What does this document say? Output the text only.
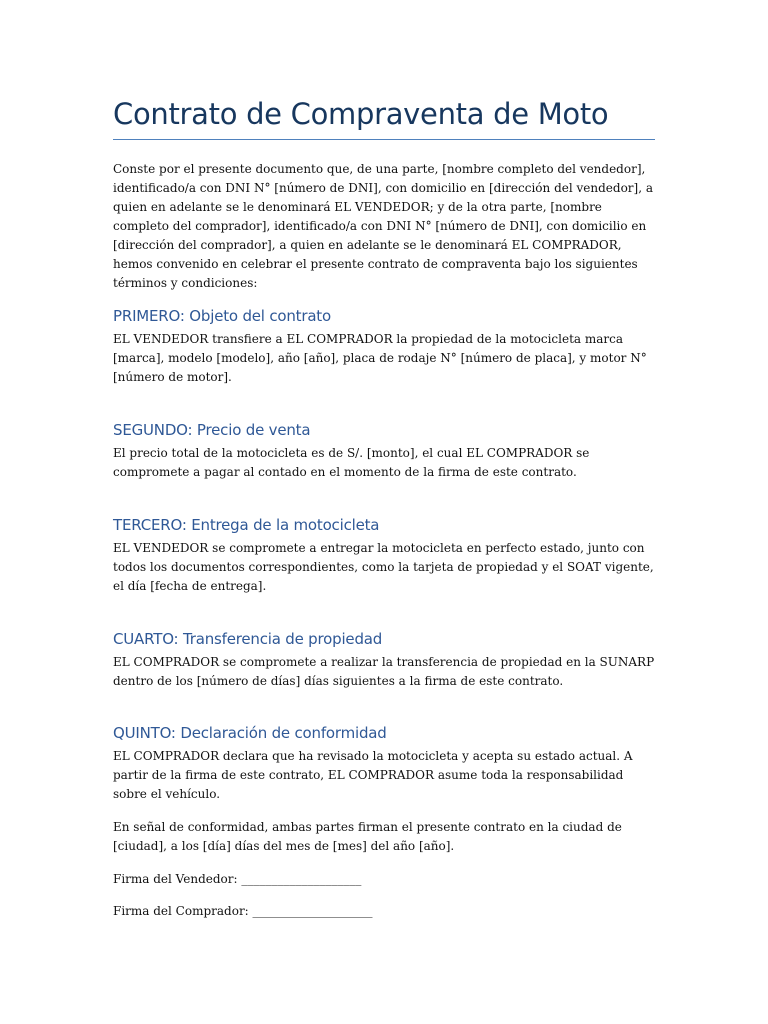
Contrato de Compraventa de Moto

Conste por el presente documento que, de una parte, [nombre completo del vendedor], identificado/a con DNI N° [número de DNI], con domicilio en [dirección del vendedor], a quien en adelante se le denominará EL VENDEDOR; y de la otra parte, [nombre completo del comprador], identificado/a con DNI N° [número de DNI], con domicilio en [dirección del comprador], a quien en adelante se le denominará EL COMPRADOR, hemos convenido en celebrar el presente contrato de compraventa bajo los siguientes términos y condiciones:

PRIMERO: Objeto del contrato

EL VENDEDOR transfiere a EL COMPRADOR la propiedad de la motocicleta marca [marca], modelo [modelo], año [año], placa de rodaje N° [número de placa], y motor N° [número de motor].

SEGUNDO: Precio de venta

El precio total de la motocicleta es de S/. [monto], el cual EL COMPRADOR se compromete a pagar al contado en el momento de la firma de este contrato.

TERCERO: Entrega de la motocicleta

EL VENDEDOR se compromete a entregar la motocicleta en perfecto estado, junto con todos los documentos correspondientes, como la tarjeta de propiedad y el SOAT vigente, el día [fecha de entrega].

CUARTO: Transferencia de propiedad

EL COMPRADOR se compromete a realizar la transferencia de propiedad en la SUNARP dentro de los [número de días] días siguientes a la firma de este contrato.

QUINTO: Declaración de conformidad

EL COMPRADOR declara que ha revisado la motocicleta y acepta su estado actual. A partir de la firma de este contrato, EL COMPRADOR asume toda la responsabilidad sobre el vehículo.

En señal de conformidad, ambas partes firman el presente contrato en la ciudad de [ciudad], a los [día] días del mes de [mes] del año [año].

Firma del Vendedor: ____________________

Firma del Comprador: ____________________
